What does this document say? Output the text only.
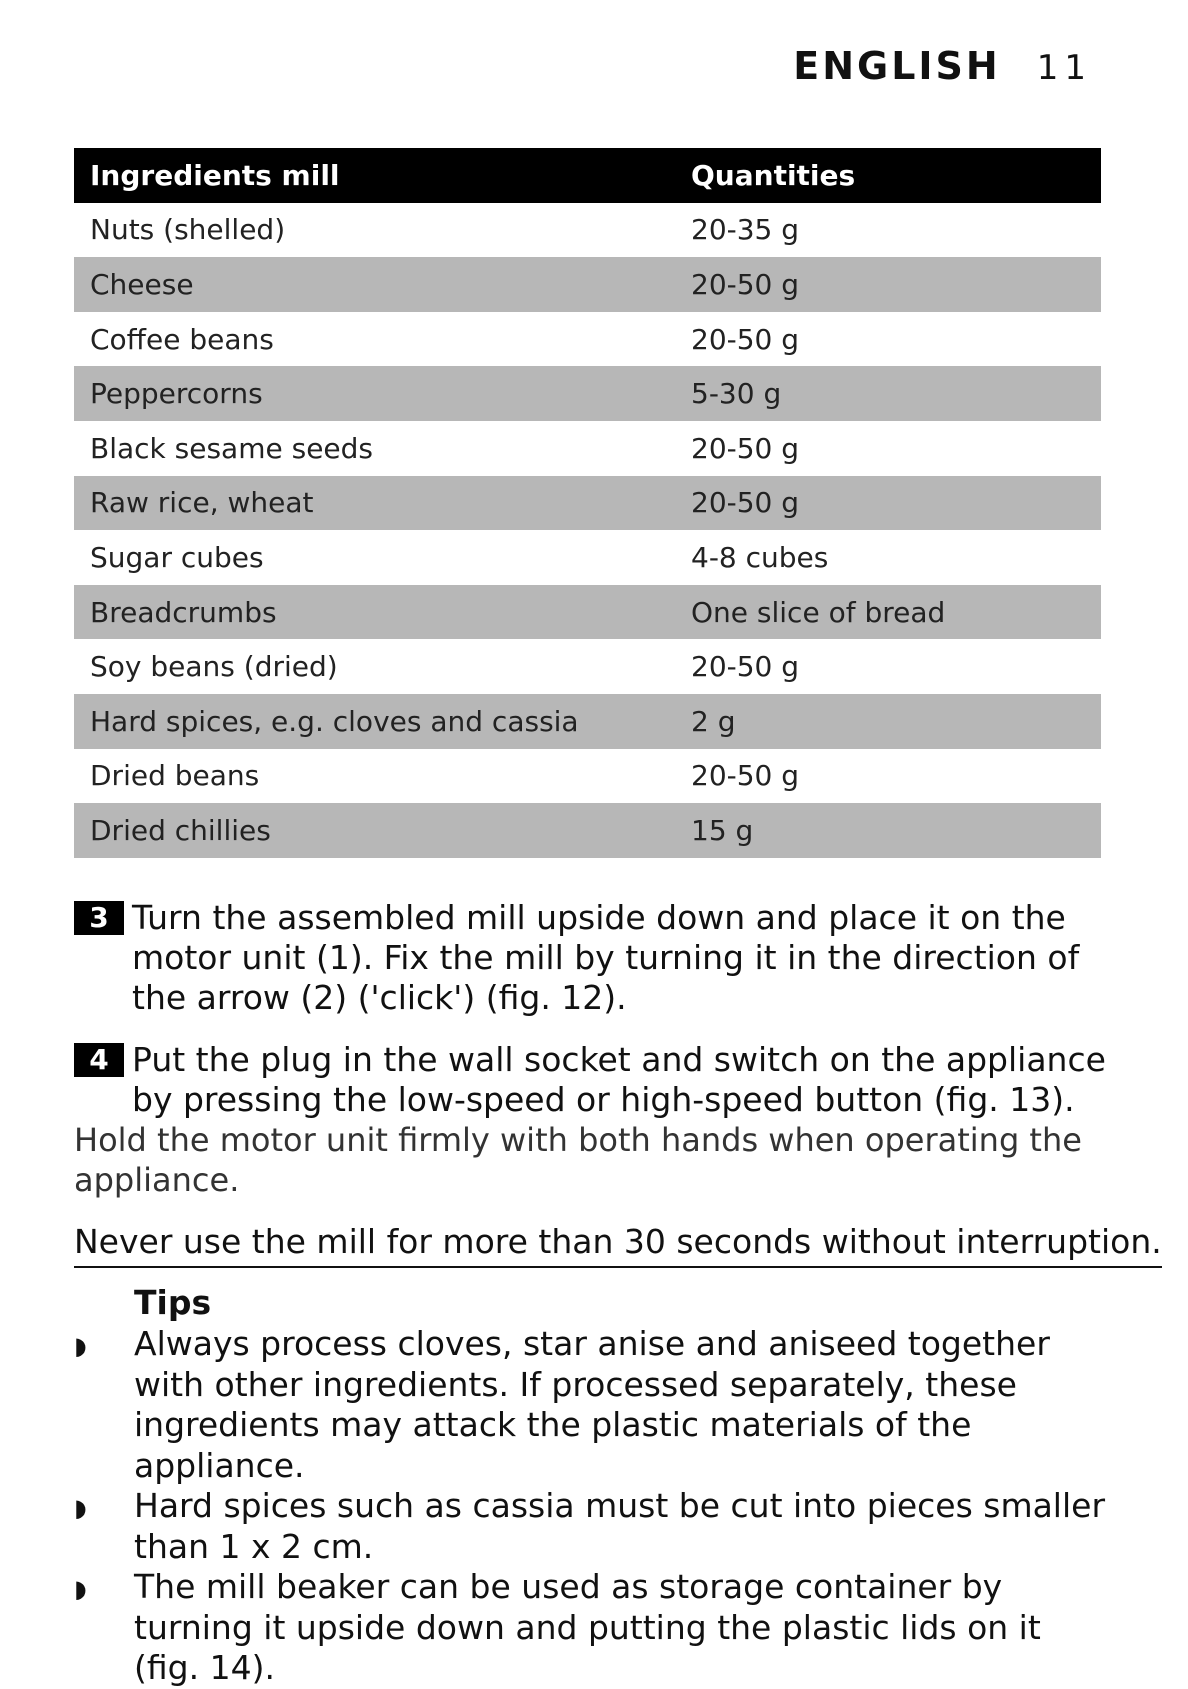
ENGLISH 11
Ingredients mill	Quantities
Nuts (shelled)	20-35 g
Cheese	20-50 g
Coffee beans	20-50 g
Peppercorns	5-30 g
Black sesame seeds	20-50 g
Raw rice, wheat	20-50 g
Sugar cubes	4-8 cubes
Breadcrumbs	One slice of bread
Soy beans (dried)	20-50 g
Hard spices, e.g. cloves and cassia	2 g
Dried beans	20-50 g
Dried chillies	15 g
3 Turn the assembled mill upside down and place it on the motor unit (1). Fix the mill by turning it in the direction of the arrow (2) ('click') (fig. 12).
4 Put the plug in the wall socket and switch on the appliance by pressing the low-speed or high-speed button (fig. 13).
Hold the motor unit firmly with both hands when operating the appliance.
Never use the mill for more than 30 seconds without interruption.
Tips
◗	Always process cloves, star anise and aniseed together with other ingredients. If processed separately, these ingredients may attack the plastic materials of the appliance.
◗	Hard spices such as cassia must be cut into pieces smaller than 1 x 2 cm.
◗	The mill beaker can be used as storage container by turning it upside down and putting the plastic lids on it (fig. 14).
